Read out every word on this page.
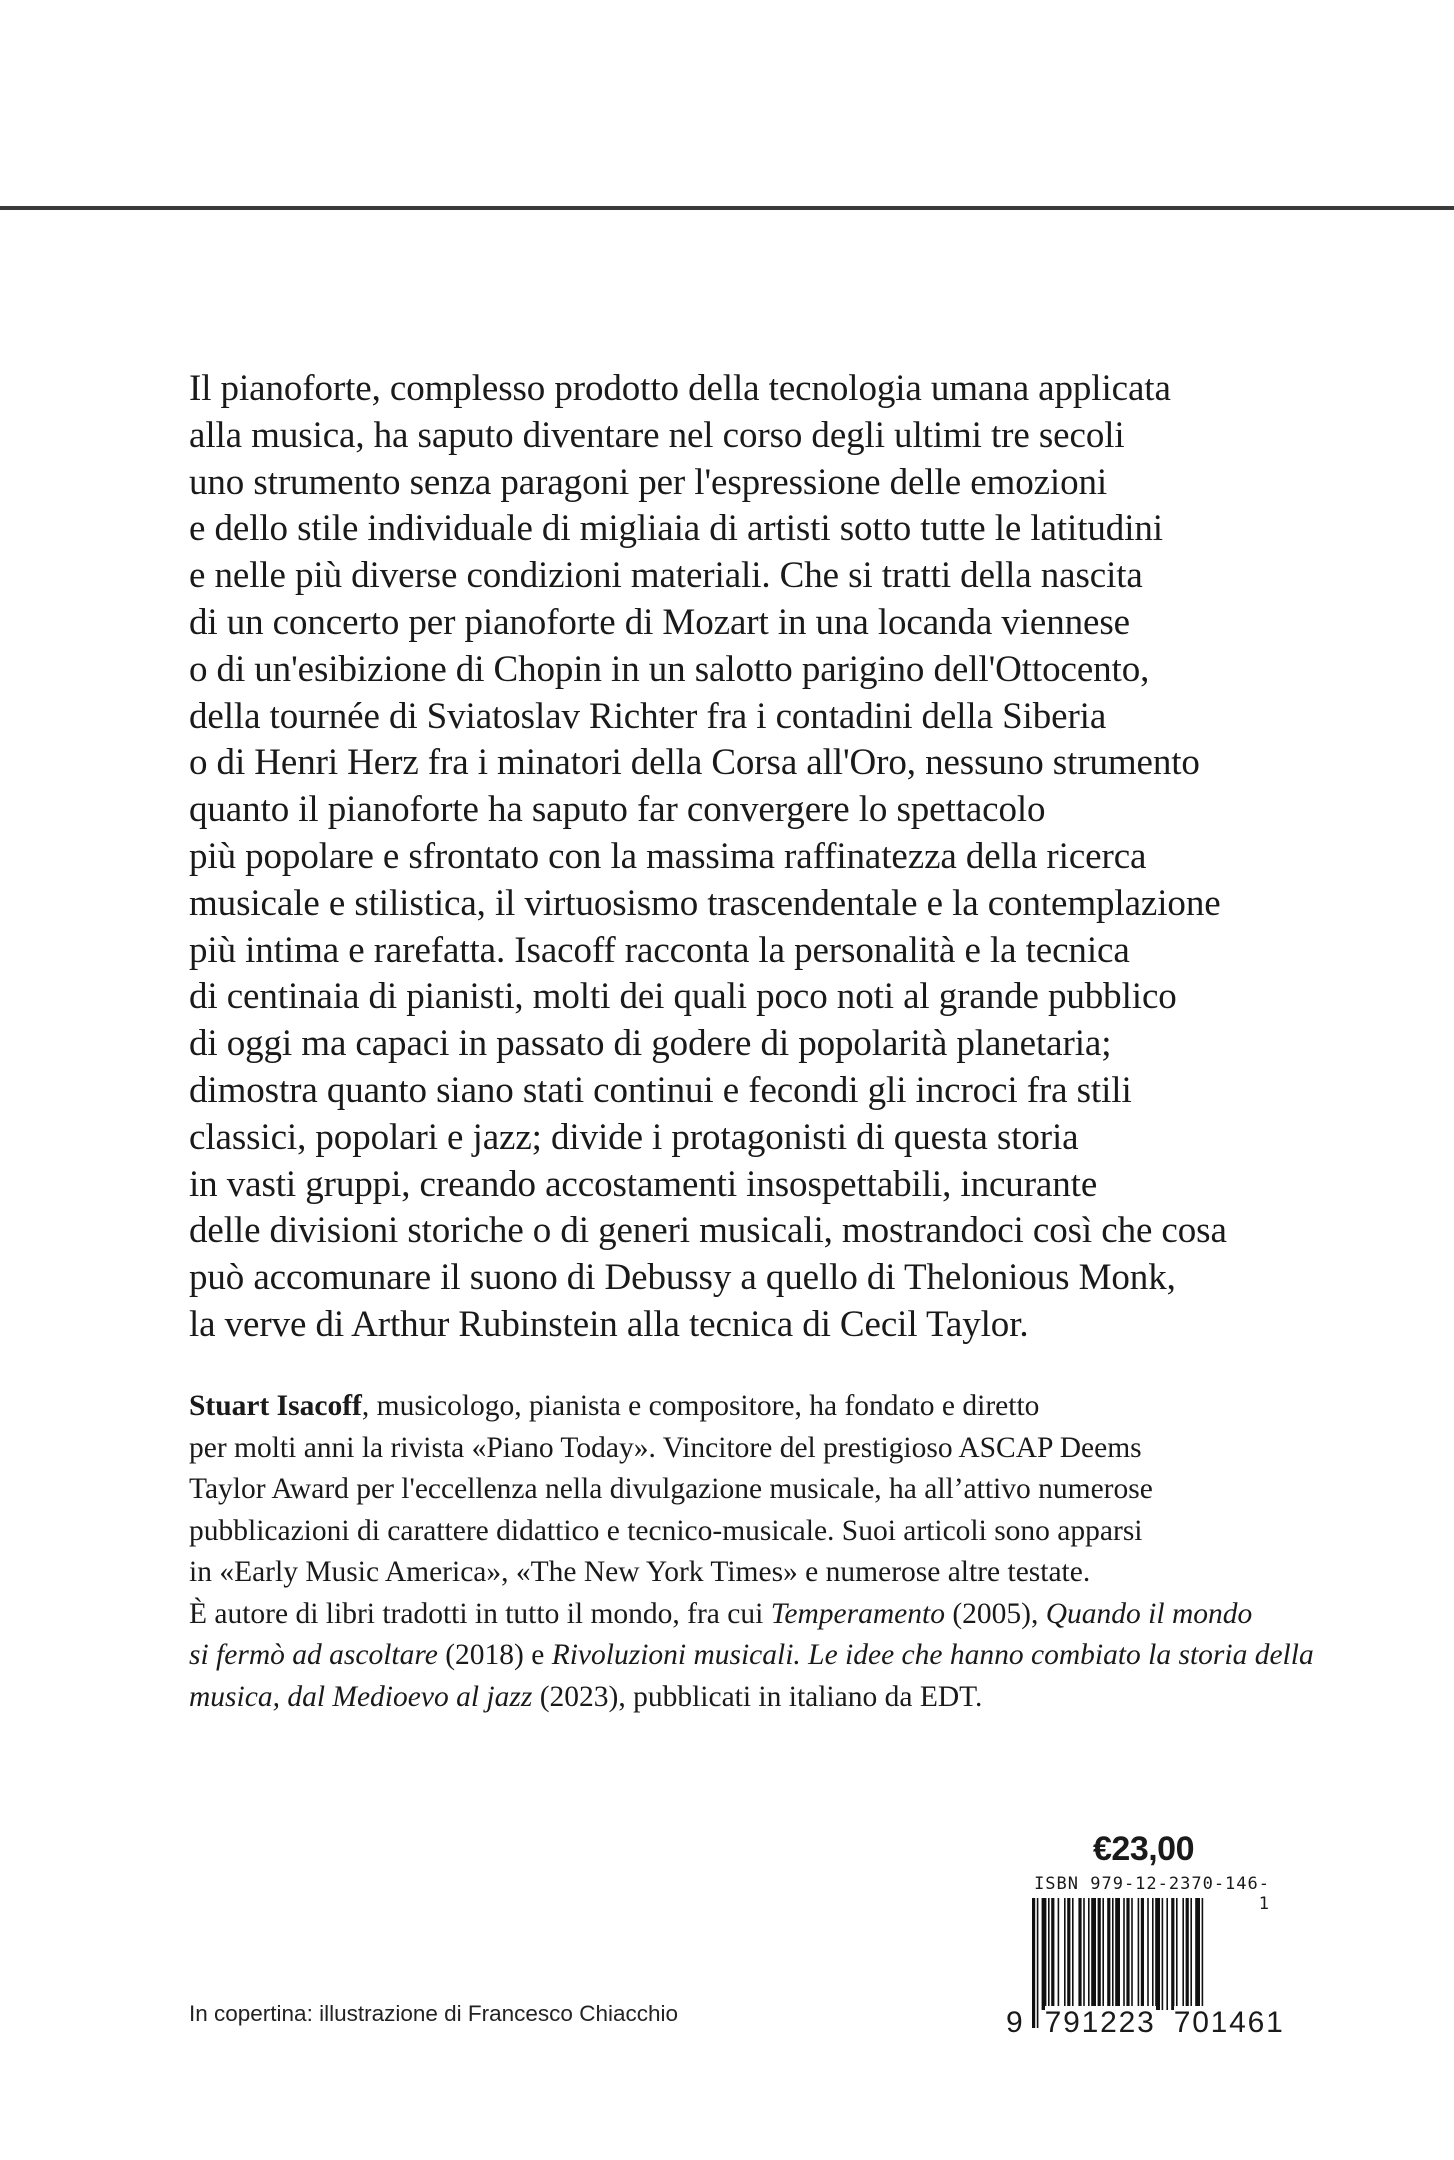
Il pianoforte, complesso prodotto della tecnologia umana applicata
alla musica, ha saputo diventare nel corso degli ultimi tre secoli
uno strumento senza paragoni per l'espressione delle emozioni
e dello stile individuale di migliaia di artisti sotto tutte le latitudini
e nelle più diverse condizioni materiali. Che si tratti della nascita
di un concerto per pianoforte di Mozart in una locanda viennese
o di un'esibizione di Chopin in un salotto parigino dell'Ottocento,
della tournée di Sviatoslav Richter fra i contadini della Siberia
o di Henri Herz fra i minatori della Corsa all'Oro, nessuno strumento
quanto il pianoforte ha saputo far convergere lo spettacolo
più popolare e sfrontato con la massima raffinatezza della ricerca
musicale e stilistica, il virtuosismo trascendentale e la contemplazione
più intima e rarefatta. Isacoff racconta la personalità e la tecnica
di centinaia di pianisti, molti dei quali poco noti al grande pubblico
di oggi ma capaci in passato di godere di popolarità planetaria;
dimostra quanto siano stati continui e fecondi gli incroci fra stili
classici, popolari e jazz; divide i protagonisti di questa storia
in vasti gruppi, creando accostamenti insospettabili, incurante
delle divisioni storiche o di generi musicali, mostrandoci così che cosa
può accomunare il suono di Debussy a quello di Thelonious Monk,
la verve di Arthur Rubinstein alla tecnica di Cecil Taylor.
Stuart Isacoff, musicologo, pianista e compositore, ha fondato e diretto
per molti anni la rivista «Piano Today». Vincitore del prestigioso ASCAP Deems
Taylor Award per l'eccellenza nella divulgazione musicale, ha all’attivo numerose
pubblicazioni di carattere didattico e tecnico-musicale. Suoi articoli sono apparsi
in «Early Music America», «The New York Times» e numerose altre testate.
È autore di libri tradotti in tutto il mondo, fra cui Temperamento (2005), Quando il mondo
si fermò ad ascoltare (2018) e Rivoluzioni musicali. Le idee che hanno combiato la storia della
musica, dal Medioevo al jazz (2023), pubblicati in italiano da EDT.
€23,00
ISBN 979-12-2370-146-1
9 791223 701461
In copertina: illustrazione di Francesco Chiacchio
